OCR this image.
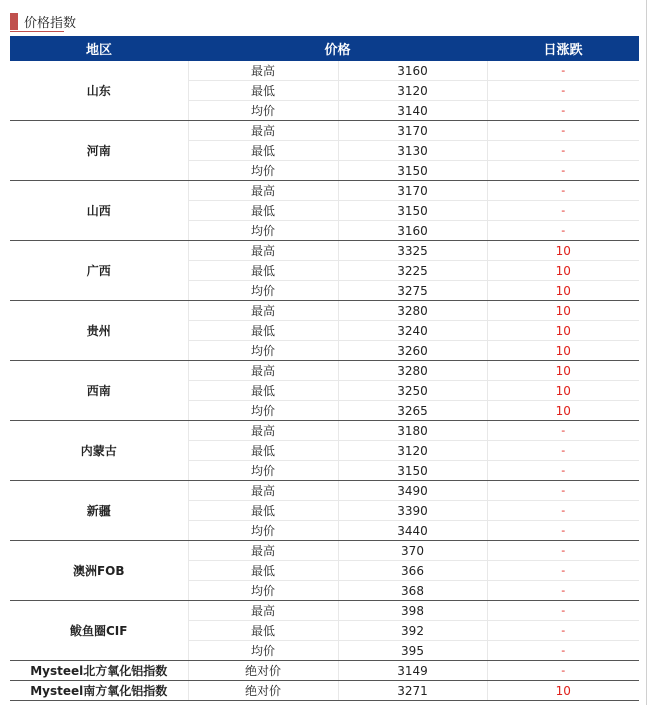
价格指数
地区	价格		日涨跌
山东	最高	3160	-
	最低	3120	-
	均价	3140	-
河南	最高	3170	-
	最低	3130	-
	均价	3150	-
山西	最高	3170	-
	最低	3150	-
	均价	3160	-
广西	最高	3325	10
	最低	3225	10
	均价	3275	10
贵州	最高	3280	10
	最低	3240	10
	均价	3260	10
西南	最高	3280	10
	最低	3250	10
	均价	3265	10
内蒙古	最高	3180	-
	最低	3120	-
	均价	3150	-
新疆	最高	3490	-
	最低	3390	-
	均价	3440	-
澳洲FOB	最高	370	-
	最低	366	-
	均价	368	-
鲅鱼圈CIF	最高	398	-
	最低	392	-
	均价	395	-
Mysteel北方氧化铝指数	绝对价	3149	-
Mysteel南方氧化铝指数	绝对价	3271	10
